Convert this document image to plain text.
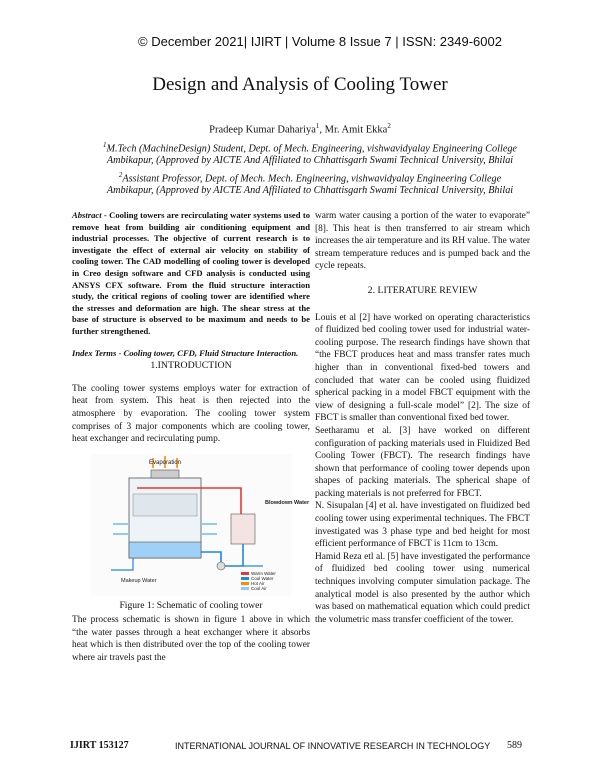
© December 2021| IJIRT | Volume 8 Issue 7 | ISSN: 2349-6002
Design and Analysis of Cooling Tower
Pradeep Kumar Dahariya$^1$, Mr. Amit Ekka$^2$
$^1$M.Tech (MachineDesign) Student, Dept. of Mech. Engineering, vishwavidyalay Engineering College
Ambikapur, (Approved by AICTE And Affiliated to Chhattisgarh Swami Technical University, Bhilai
$^2$Assistant Professor, Dept. of Mech. Mech. Engineering, vishwavidyalay Engineering College
Ambikapur, (Approved by AICTE And Affiliated to Chhattisgarh Swami Technical University, Bhilai

Abstract - Cooling towers are recirculating water systems used to remove heat from building air conditioning equipment and industrial processes. The objective of current research is to investigate the effect of external air velocity on stability of cooling tower. The CAD modelling of cooling tower is developed in Creo design software and CFD analysis is conducted using ANSYS CFX software. From the fluid structure interaction study, the critical regions of cooling tower are identified where the stresses and deformation are high. The shear stress at the base of structure is observed to be maximum and needs to be further strengthened.

Index Terms - Cooling tower, CFD, Fluid Structure Interaction.

1.INTRODUCTION

The cooling tower systems employs water for extraction of heat from system. This heat is then rejected into the atmosphere by evaporation. The cooling tower system comprises of 3 major components which are cooling tower, heat exchanger and recirculating pump.

Evaporation
Blowdown Water
Makeup Water
Warm Water
Cool Water
Hot Air
Cool Air
Figure 1: Schematic of cooling tower

The process schematic is shown in figure 1 above in which “the water passes through a heat exchanger where it absorbs heat which is then distributed over the top of the cooling tower where air travels past the

warm water causing a portion of the water to evaporate” [8]. This heat is then transferred to air stream which increases the air temperature and its RH value. The water stream temperature reduces and is pumped back and the cycle repeats.

2. LITERATURE REVIEW

Louis et al [2] have worked on operating characteristics of fluidized bed cooling tower used for industrial water-cooling purpose. The research findings have shown that “the FBCT produces heat and mass transfer rates much higher than in conventional fixed-bed towers and concluded that water can be cooled using fluidized spherical packing in a model FBCT equipment with the view of designing a full-scale model” [2]. The size of FBCT is smaller than conventional fixed bed tower.

Seetharamu et al. [3] have worked on different configuration of packing materials used in Fluidized Bed Cooling Tower (FBCT). The research findings have shown that performance of cooling tower depends upon shapes of packing materials. The spherical shape of packing materials is not preferred for FBCT.

N. Sisupalan [4] et al. have investigated on fluidized bed cooling tower using experimental techniques. The FBCT investigated was 3 phase type and bed height for most efficient performance of FBCT is 11cm to 13cm.

Hamid Reza etl al. [5] have investigated the performance of fluidized bed cooling tower using numerical techniques involving computer simulation package. The analytical model is also presented by the author which was based on mathematical equation which could predict the volumetric mass transfer coefficient of the tower.

IJIRT 153127	INTERNATIONAL JOURNAL OF INNOVATIVE RESEARCH IN TECHNOLOGY 589
